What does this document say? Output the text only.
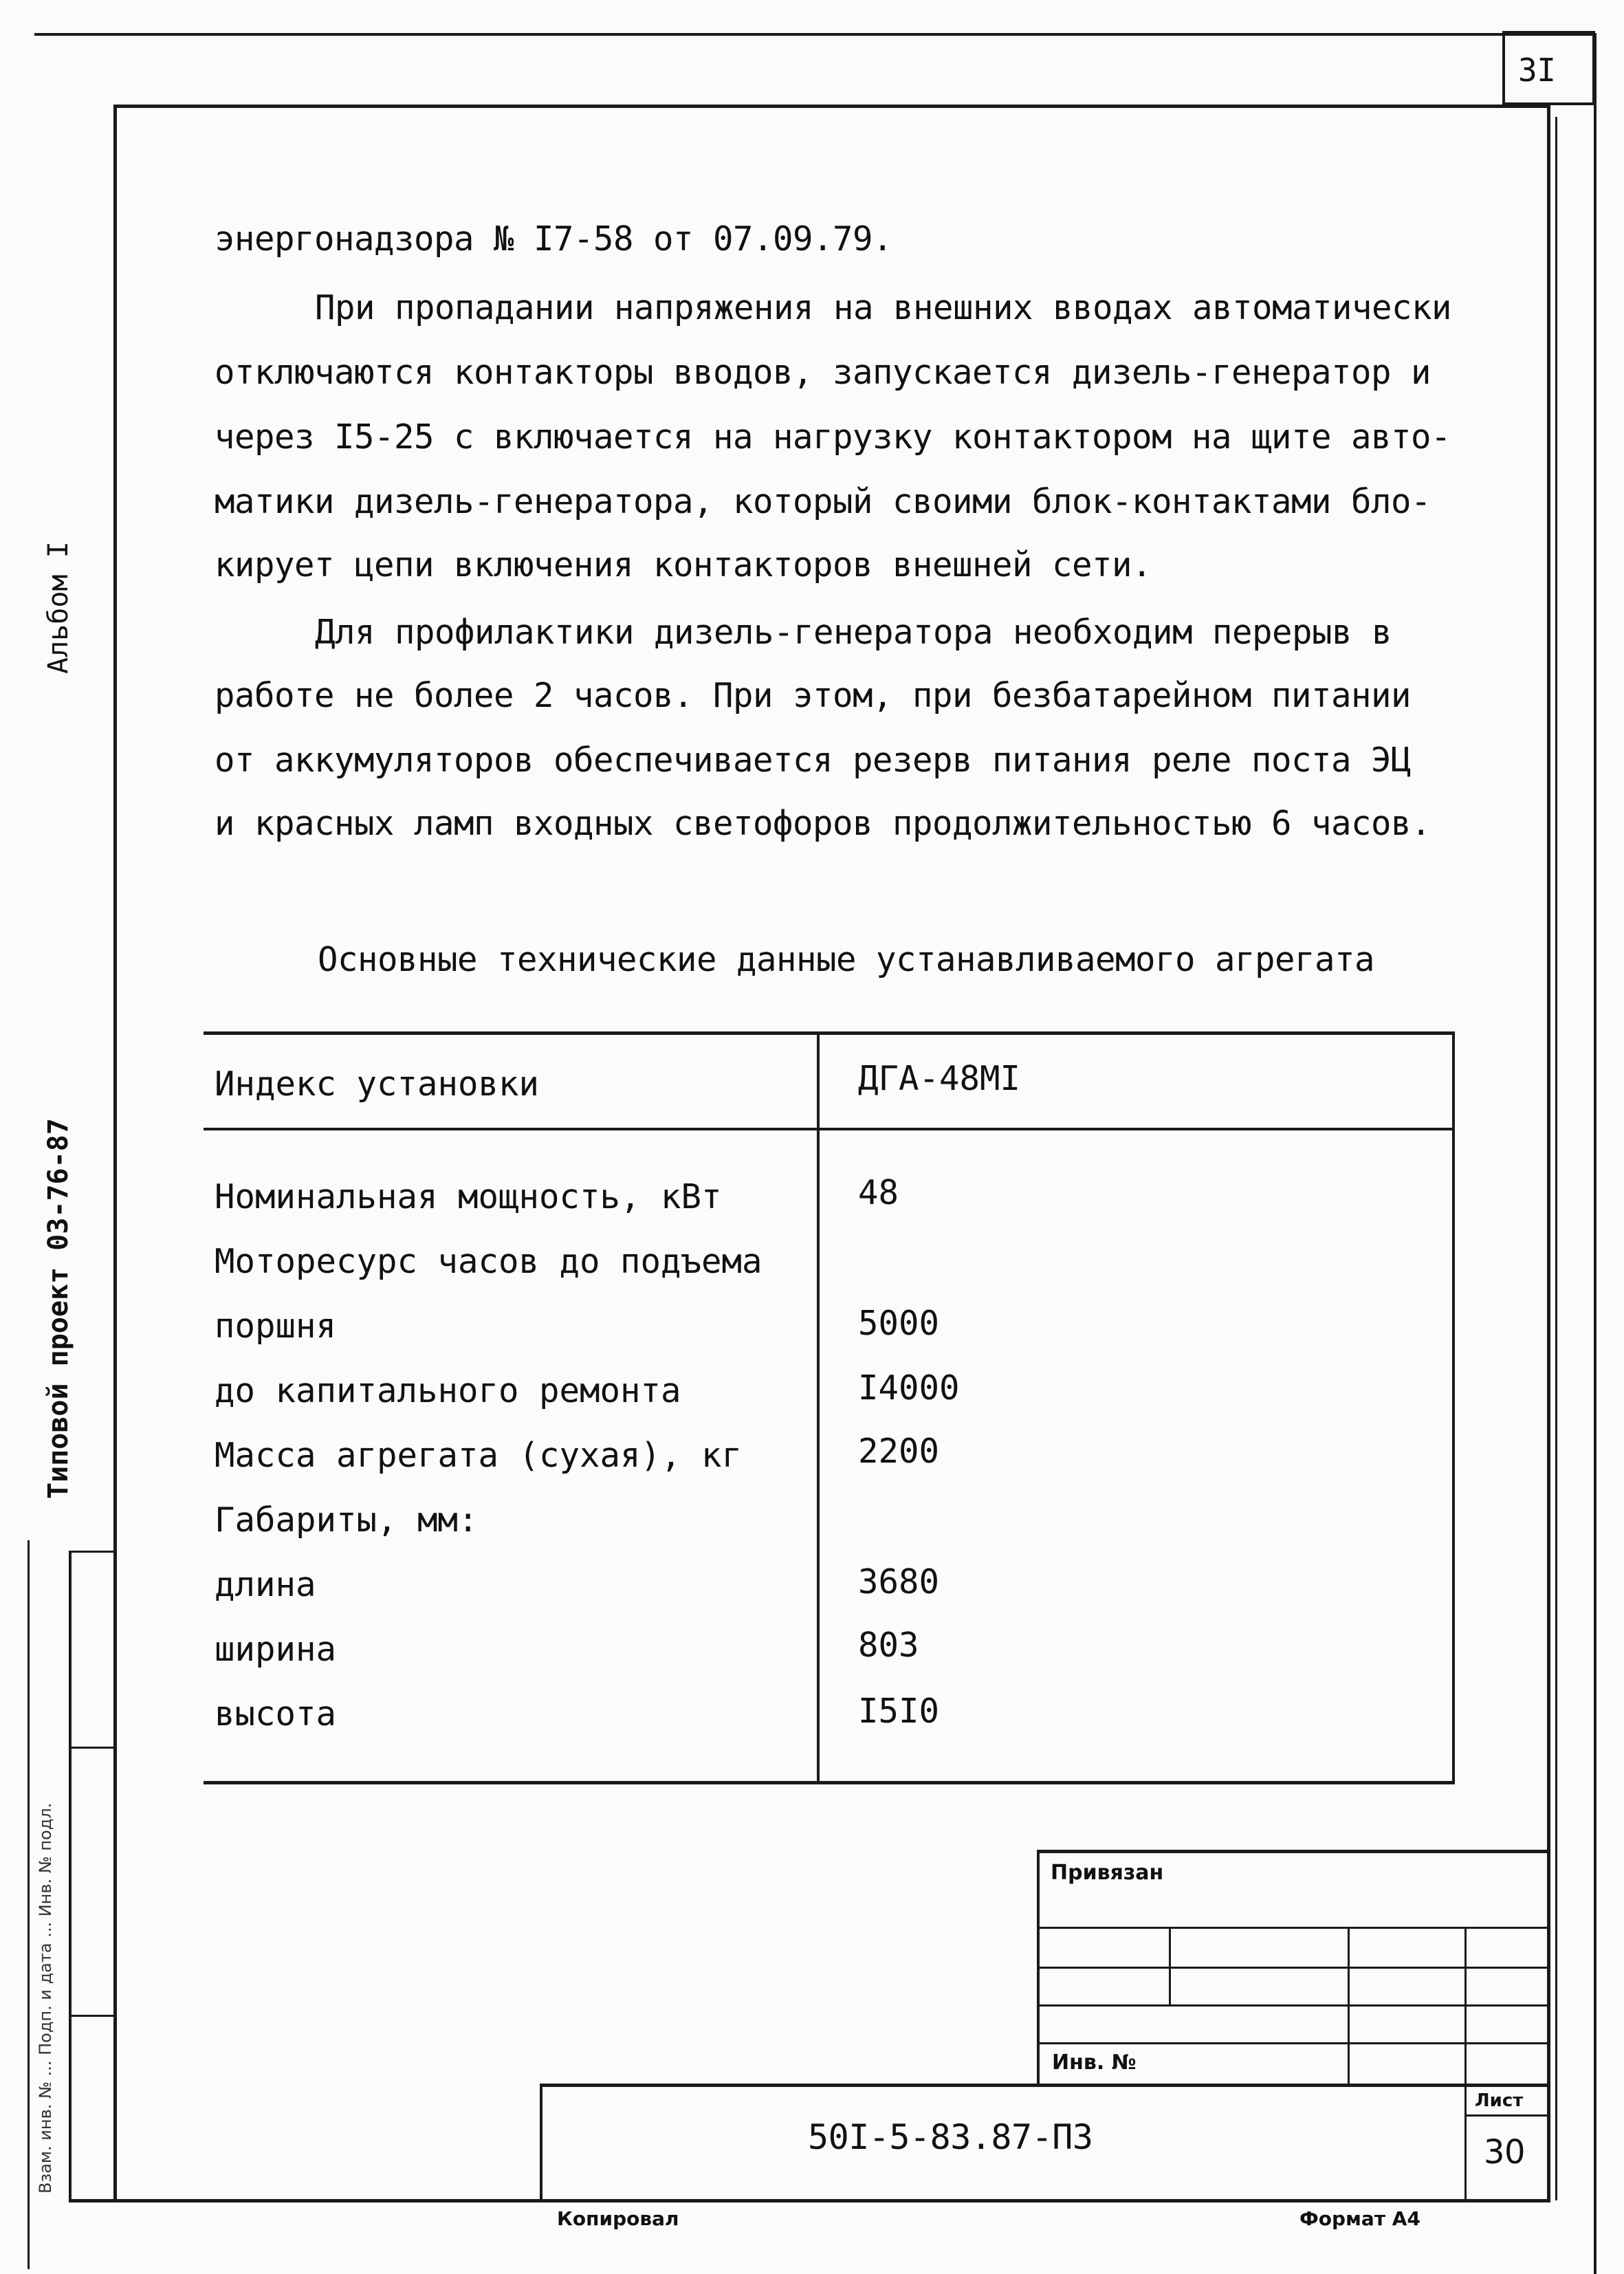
3I
Альбом I
Типовой проект 03-76-87
Взам. инв. № ... Подп. и дата ... Инв. № подл.
энергонадзора № I7-58 от 07.09.79.
При пропадании напряжения на внешних вводах автоматически
отключаются контакторы вводов, запускается дизель-генератор и
через I5-25 с включается на нагрузку контактором на щите авто-
матики дизель-генератора, который своими блок-контактами бло-
кирует цепи включения контакторов внешней сети.
Для профилактики дизель-генератора необходим перерыв в
работе не более 2 часов. При этом, при безбатарейном питании
от аккумуляторов обеспечивается резерв питания реле поста ЭЦ
и красных ламп входных светофоров продолжительностью 6 часов.
Основные технические данные устанавливаемого агрегата
Индекс установки	ДГА-48МI
Номинальная мощность, кВт	48
Моторесурс часов до подъема
поршня	5000
до капитального ремонта	I4000
Масса агрегата (сухая), кг	2200
Габариты, мм:
длина	3680
ширина	803
высота	I5I0
Привязан
Инв. №
50I-5-83.87-ПЗ
Лист
30
Копировал	Формат А4
